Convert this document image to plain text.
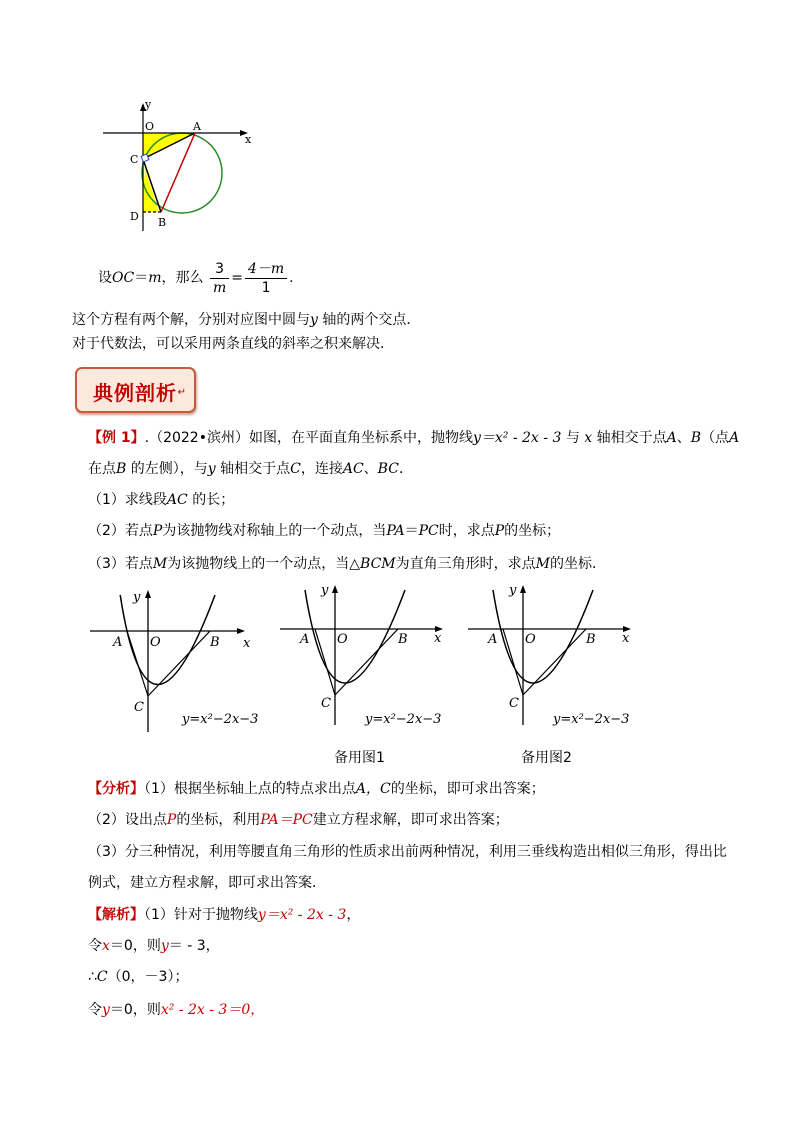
y
x
O	A
C
D B
设OC＝m，那么 $\frac{3}{m} = \frac{4-m}{1}$ .
这个方程有两个解，分别对应图中圆与y 轴的两个交点．
对于代数法，可以采用两条直线的斜率之积来解决.
典例剖析 ↵
【例 1】.（2022•滨州）如图，在平面直角坐标系中，抛物线y＝x² - 2x - 3 与 x 轴相交于点A、B（点A
在点B 的左侧），与y 轴相交于点C，连接AC、BC．
（1）求线段AC 的长；
（2）若点P为该抛物线对称轴上的一个动点，当PA＝PC时，求点P的坐标；
（3）若点M为该抛物线上的一个动点，当△BCM为直角三角形时，求点M的坐标．
y
x
A O	B
C
y=x²−2x−3
y
x
A O	B
C
y=x²−2x−3
y
x
A O	B
C
y=x²−2x−3
备用图1	备用图2
【分析】（1）根据坐标轴上点的特点求出点A，C的坐标，即可求出答案；
（2）设出点P的坐标，利用PA＝PC建立方程求解，即可求出答案；
（3）分三种情况，利用等腰直角三角形的性质求出前两种情况，利用三垂线构造出相似三角形，得出比
例式，建立方程求解，即可求出答案．
【解析】（1）针对于抛物线y＝x² - 2x - 3，
令x＝0，则y＝ - 3，
∴C（0，－3）；
令y＝0，则x² - 2x - 3＝0，
